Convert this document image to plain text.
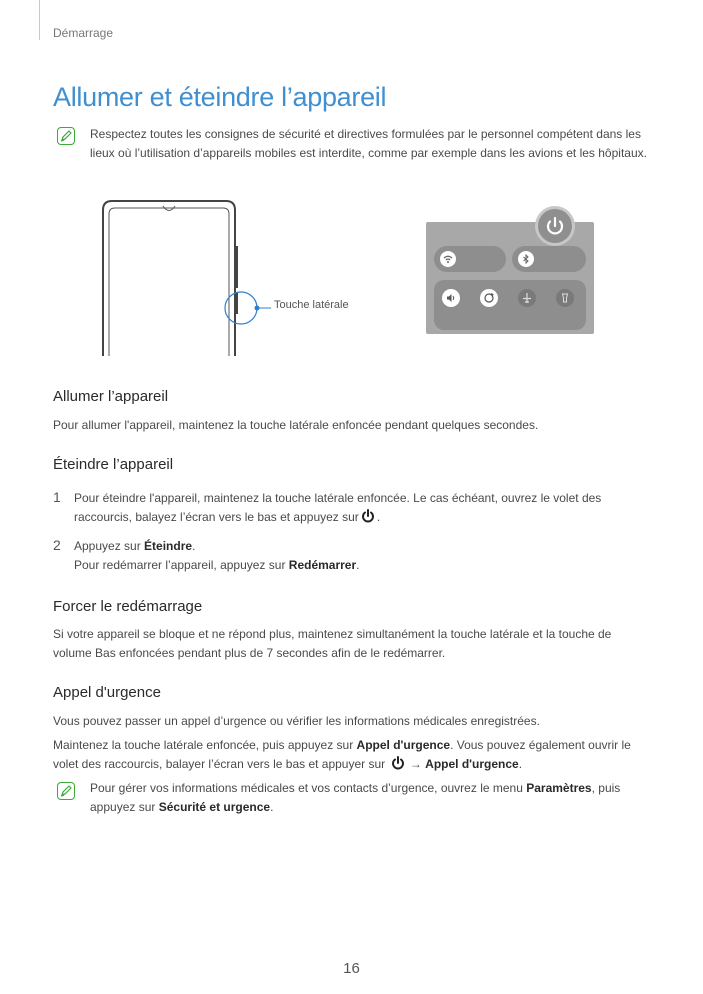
Démarrage
Allumer et éteindre l’appareil
Respectez toutes les consignes de sécurité et directives formulées par le personnel compétent dans les lieux où l’utilisation d’appareils mobiles est interdite, comme par exemple dans les avions et les hôpitaux.
Touche latérale
Allumer l’appareil
Pour allumer l'appareil, maintenez la touche latérale enfoncée pendant quelques secondes.
Éteindre l’appareil
1 Pour éteindre l'appareil, maintenez la touche latérale enfoncée. Le cas échéant, ouvrez le volet des raccourcis, balayez l’écran vers le bas et appuyez sur .
2 Appuyez sur Éteindre.
Pour redémarrer l’appareil, appuyez sur Redémarrer.
Forcer le redémarrage
Si votre appareil se bloque et ne répond plus, maintenez simultanément la touche latérale et la touche de volume Bas enfoncées pendant plus de 7 secondes afin de le redémarrer.
Appel d'urgence
Vous pouvez passer un appel d’urgence ou vérifier les informations médicales enregistrées.
Maintenez la touche latérale enfoncée, puis appuyez sur Appel d'urgence. Vous pouvez également ouvrir le volet des raccourcis, balayer l’écran vers le bas et appuyer sur  → Appel d'urgence.
Pour gérer vos informations médicales et vos contacts d’urgence, ouvrez le menu Paramètres, puis appuyez sur Sécurité et urgence.
16
